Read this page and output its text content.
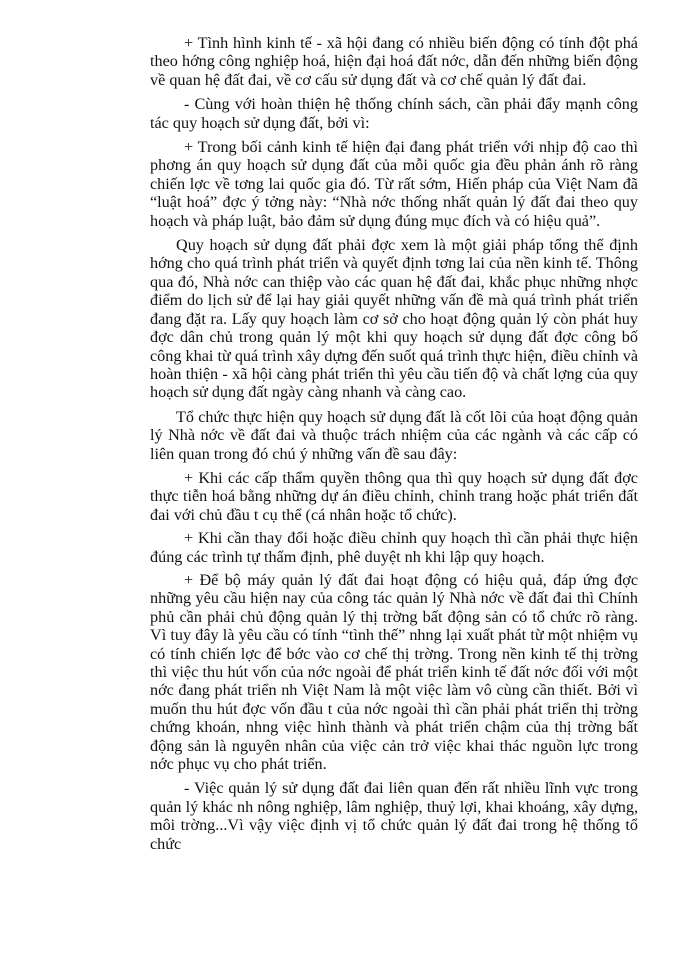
+ Tình hình kinh tế - xã hội đang có nhiều biến động có tính đột phá theo hớng công nghiệp hoá, hiện đại hoá đất nớc, dẫn đến những biến động về quan hệ đất đai, về cơ cấu sử dụng đất và cơ chế quản lý đất đai.

- Cùng với hoàn thiện hệ thống chính sách, cần phải đẩy mạnh công tác quy hoạch sử dụng đất, bởi vì:

+ Trong bối cảnh kinh tế hiện đại đang phát triển với nhịp độ cao thì phơng án quy hoạch sử dụng đất của mỗi quốc gia đều phản ánh rõ ràng chiến lợc về tơng lai quốc gia đó. Từ rất sớm, Hiến pháp của Việt Nam đã “luật hoá” đợc ý tởng này: “Nhà nớc thống nhất quản lý đất đai theo quy hoạch và pháp luật, bảo đảm sử dụng đúng mục đích và có hiệu quả”.

Quy hoạch sử dụng đất phải đợc xem là một giải pháp tổng thể định hớng cho quá trình phát triển và quyết định tơng lai của nền kinh tế. Thông qua đó, Nhà nớc can thiệp vào các quan hệ đất đai, khắc phục những nhợc điểm do lịch sử để lại hay giải quyết những vấn đề mà quá trình phát triển đang đặt ra. Lấy quy hoạch làm cơ sở cho hoạt động quản lý còn phát huy đợc dân chủ trong quản lý một khi quy hoạch sử dụng đất đợc công bố công khai từ quá trình xây dựng đến suốt quá trình thực hiện, điều chỉnh và hoàn thiện - xã hội càng phát triển thì yêu cầu tiến độ và chất lợng của quy hoạch sử dụng đất ngày càng nhanh và càng cao.

Tổ chức thực hiện quy hoạch sử dụng đất là cốt lõi của hoạt động quản lý Nhà nớc về đất đai và thuộc trách nhiệm của các ngành và các cấp có liên quan trong đó chú ý những vấn đề sau đây:

+ Khi các cấp thẩm quyền thông qua thì quy hoạch sử dụng đất đợc thực tiễn hoá bằng những dự án điều chỉnh, chỉnh trang hoặc phát triển đất đai với chủ đầu t cụ thể (cá nhân hoặc tổ chức).

+ Khi cần thay đổi hoặc điều chỉnh quy hoạch thì cần phải thực hiện đúng các trình tự thẩm định, phê duyệt nh khi lập quy hoạch.

+ Để bộ máy quản lý đất đai hoạt động có hiệu quả, đáp ứng đợc những yêu cầu hiện nay của công tác quản lý Nhà nớc về đất đai thì Chính phủ cần phải chủ động quản lý thị trờng bất động sản có tổ chức rõ ràng. Vì tuy đây là yêu cầu có tính “tình thế” nhng lại xuất phát từ một nhiệm vụ có tính chiến lợc để bớc vào cơ chế thị trờng. Trong nền kinh tế thị trờng thì việc thu hút vốn của nớc ngoài để phát triển kinh tế đất nớc đối với một nớc đang phát triển nh Việt Nam là một việc làm vô cùng cần thiết. Bởi vì muốn thu hút đợc vốn đầu t của nớc ngoài thì cần phải phát triển thị trờng chứng khoán, nhng việc hình thành và phát triển chậm của thị trờng bất động sản là nguyên nhân của việc cản trở việc khai thác nguồn lực trong nớc phục vụ cho phát triển.

- Việc quản lý sử dụng đất đai liên quan đến rất nhiều lĩnh vực trong quản lý khác nh nông nghiệp, lâm nghiệp, thuỷ lợi, khai khoáng, xây dựng, môi trờng...Vì vậy việc định vị tổ chức quản lý đất đai trong hệ thống tổ chức
